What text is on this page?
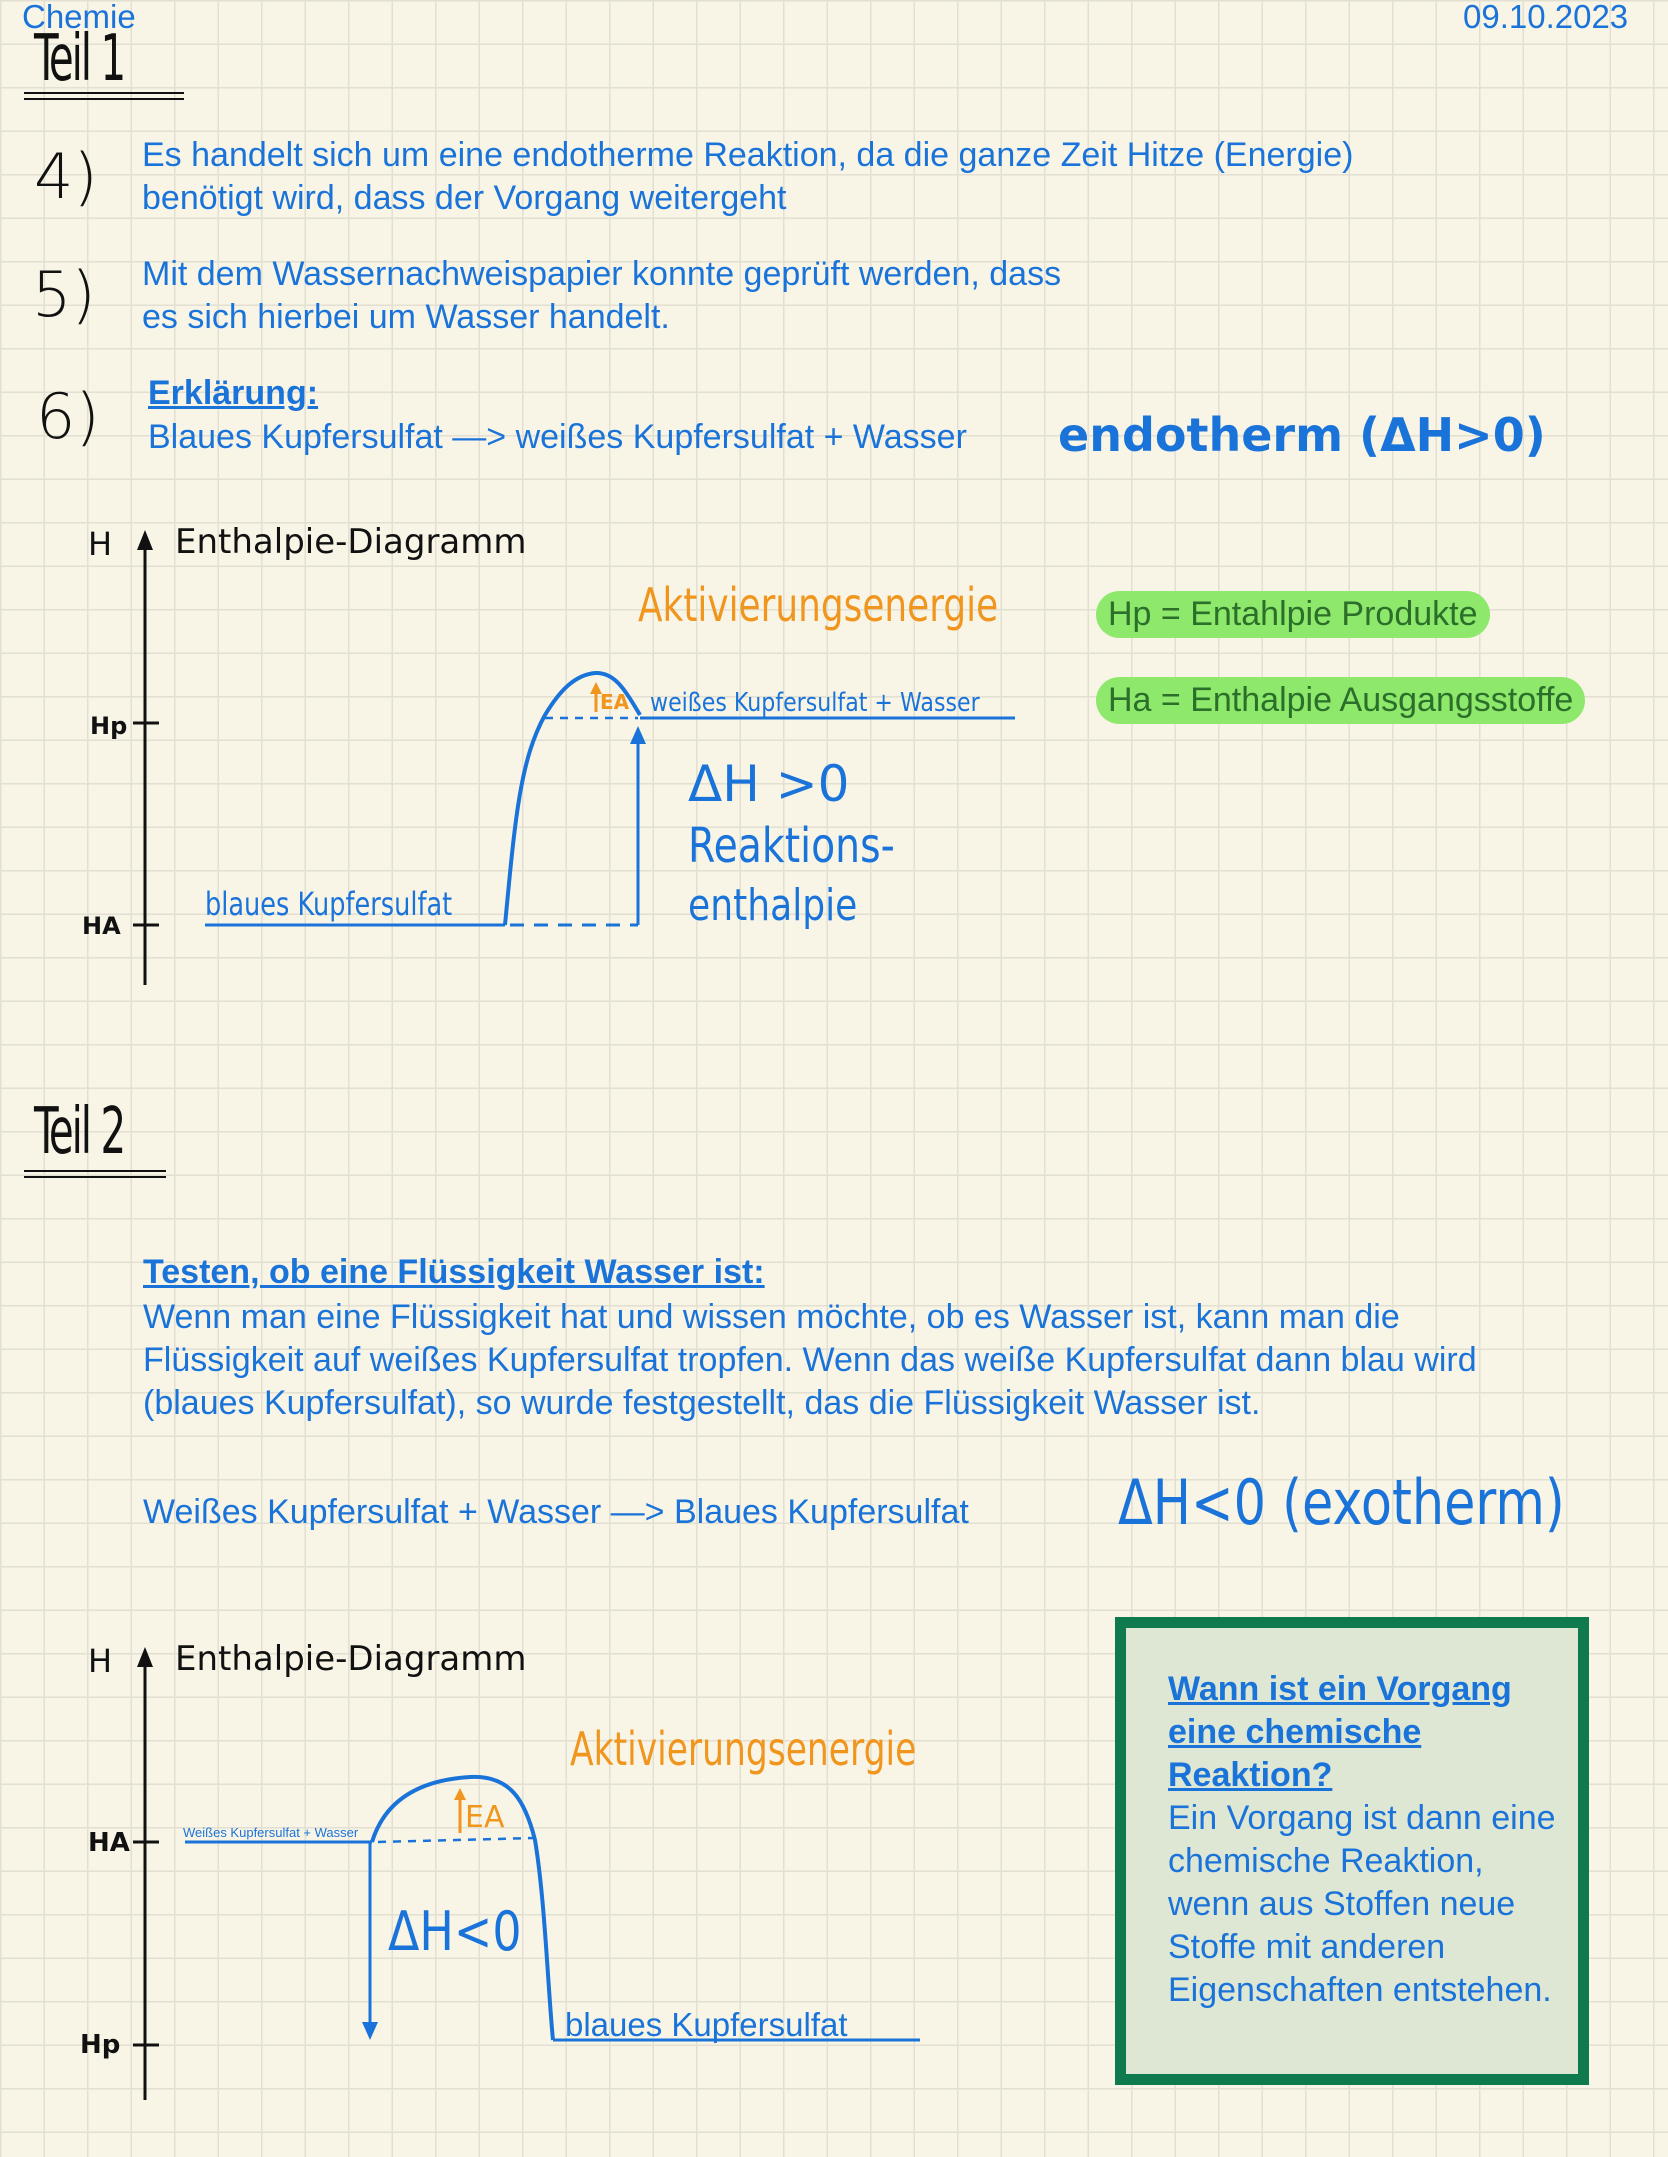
Chemie	09.10.2023
Teil 1
4) Es handelt sich um eine endotherme Reaktion, da die ganze Zeit Hitze (Energie) benötigt wird, dass der Vorgang weitergeht
5) Mit dem Wassernachweispapier konnte geprüft werden, dass es sich hierbei um Wasser handelt.
6) Erklärung:
Blaues Kupfersulfat —> weißes Kupfersulfat + Wasser endotherm (ΔH>0)
H Enthalpie-Diagramm
Aktivierungsenergie
EA
Hp
HA
blaues Kupfersulfat
weißes Kupfersulfat + Wasser
ΔH >0
Reaktions-
enthalpie
Hp = Entahlpie Produkte
Ha = Enthalpie Ausgangsstoffe
Teil 2
Testen, ob eine Flüssigkeit Wasser ist:
Wenn man eine Flüssigkeit hat und wissen möchte, ob es Wasser ist, kann man die Flüssigkeit auf weißes Kupfersulfat tropfen. Wenn das weiße Kupfersulfat dann blau wird (blaues Kupfersulfat), so wurde festgestellt, das die Flüssigkeit Wasser ist.
Weißes Kupfersulfat + Wasser —> Blaues Kupfersulfat ΔH<0 (exotherm)
H Enthalpie-Diagramm
Aktivierungsenergie
EA
HA
Hp
Weißes Kupfersulfat + Wasser
blaues Kupfersulfat
ΔH<0
Wann ist ein Vorgang eine chemische Reaktion?
Ein Vorgang ist dann eine chemische Reaktion, wenn aus Stoffen neue Stoffe mit anderen Eigenschaften entstehen.
